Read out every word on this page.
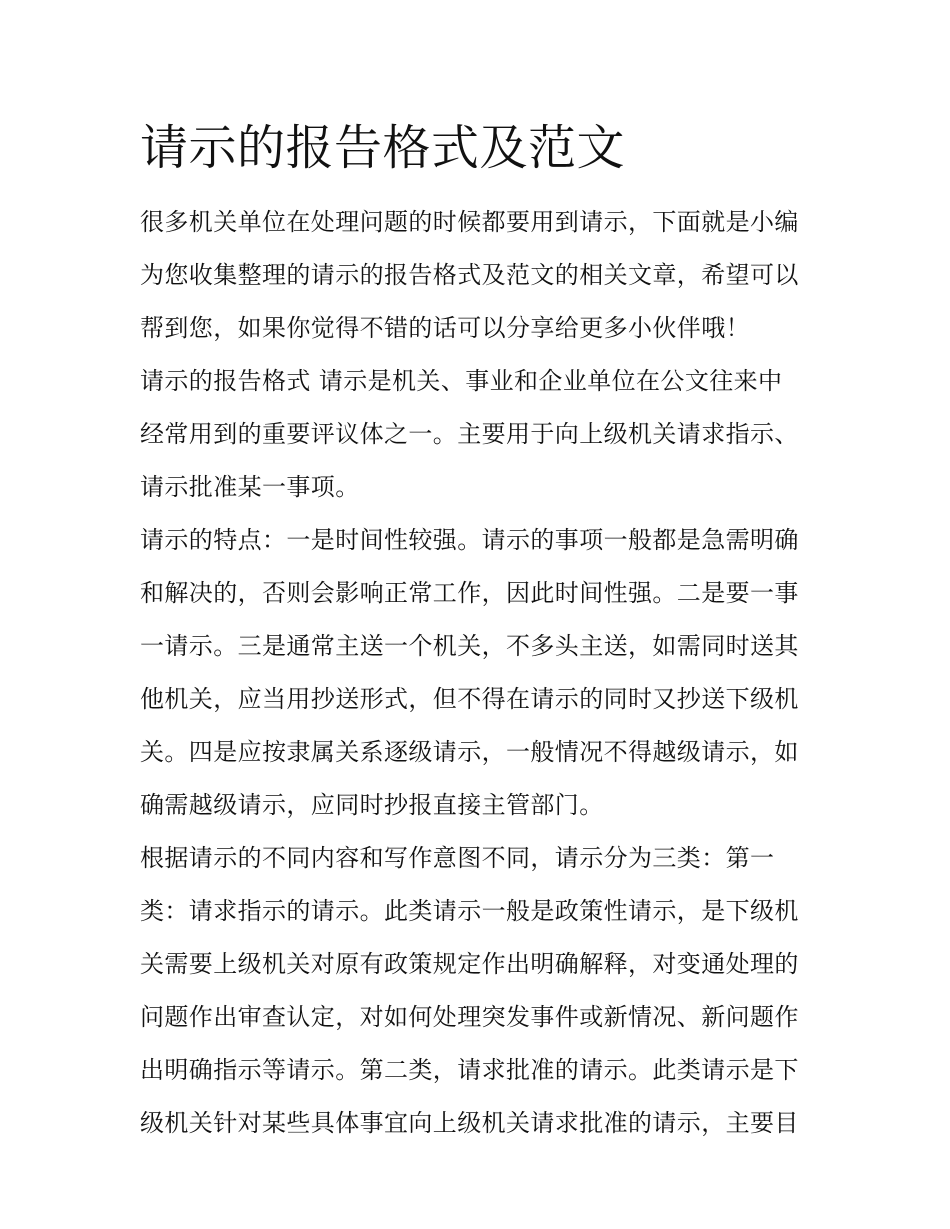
请示的报告格式及范文
很多机关单位在处理问题的时候都要用到请示，下面就是小编
为您收集整理的请示的报告格式及范文的相关文章，希望可以
帮到您，如果你觉得不错的话可以分享给更多小伙伴哦！
请示的报告格式 请示是机关、事业和企业单位在公文往来中
经常用到的重要评议体之一。主要用于向上级机关请求指示、
请示批准某一事项。
请示的特点：一是时间性较强。请示的事项一般都是急需明确
和解决的，否则会影响正常工作，因此时间性强。二是要一事
一请示。三是通常主送一个机关，不多头主送，如需同时送其
他机关，应当用抄送形式，但不得在请示的同时又抄送下级机
关。四是应按隶属关系逐级请示，一般情况不得越级请示，如
确需越级请示，应同时抄报直接主管部门。
根据请示的不同内容和写作意图不同，请示分为三类：第一
类：请求指示的请示。此类请示一般是政策性请示，是下级机
关需要上级机关对原有政策规定作出明确解释，对变通处理的
问题作出审查认定，对如何处理突发事件或新情况、新问题作
出明确指示等请示。第二类，请求批准的请示。此类请示是下
级机关针对某些具体事宜向上级机关请求批准的请示，主要目
